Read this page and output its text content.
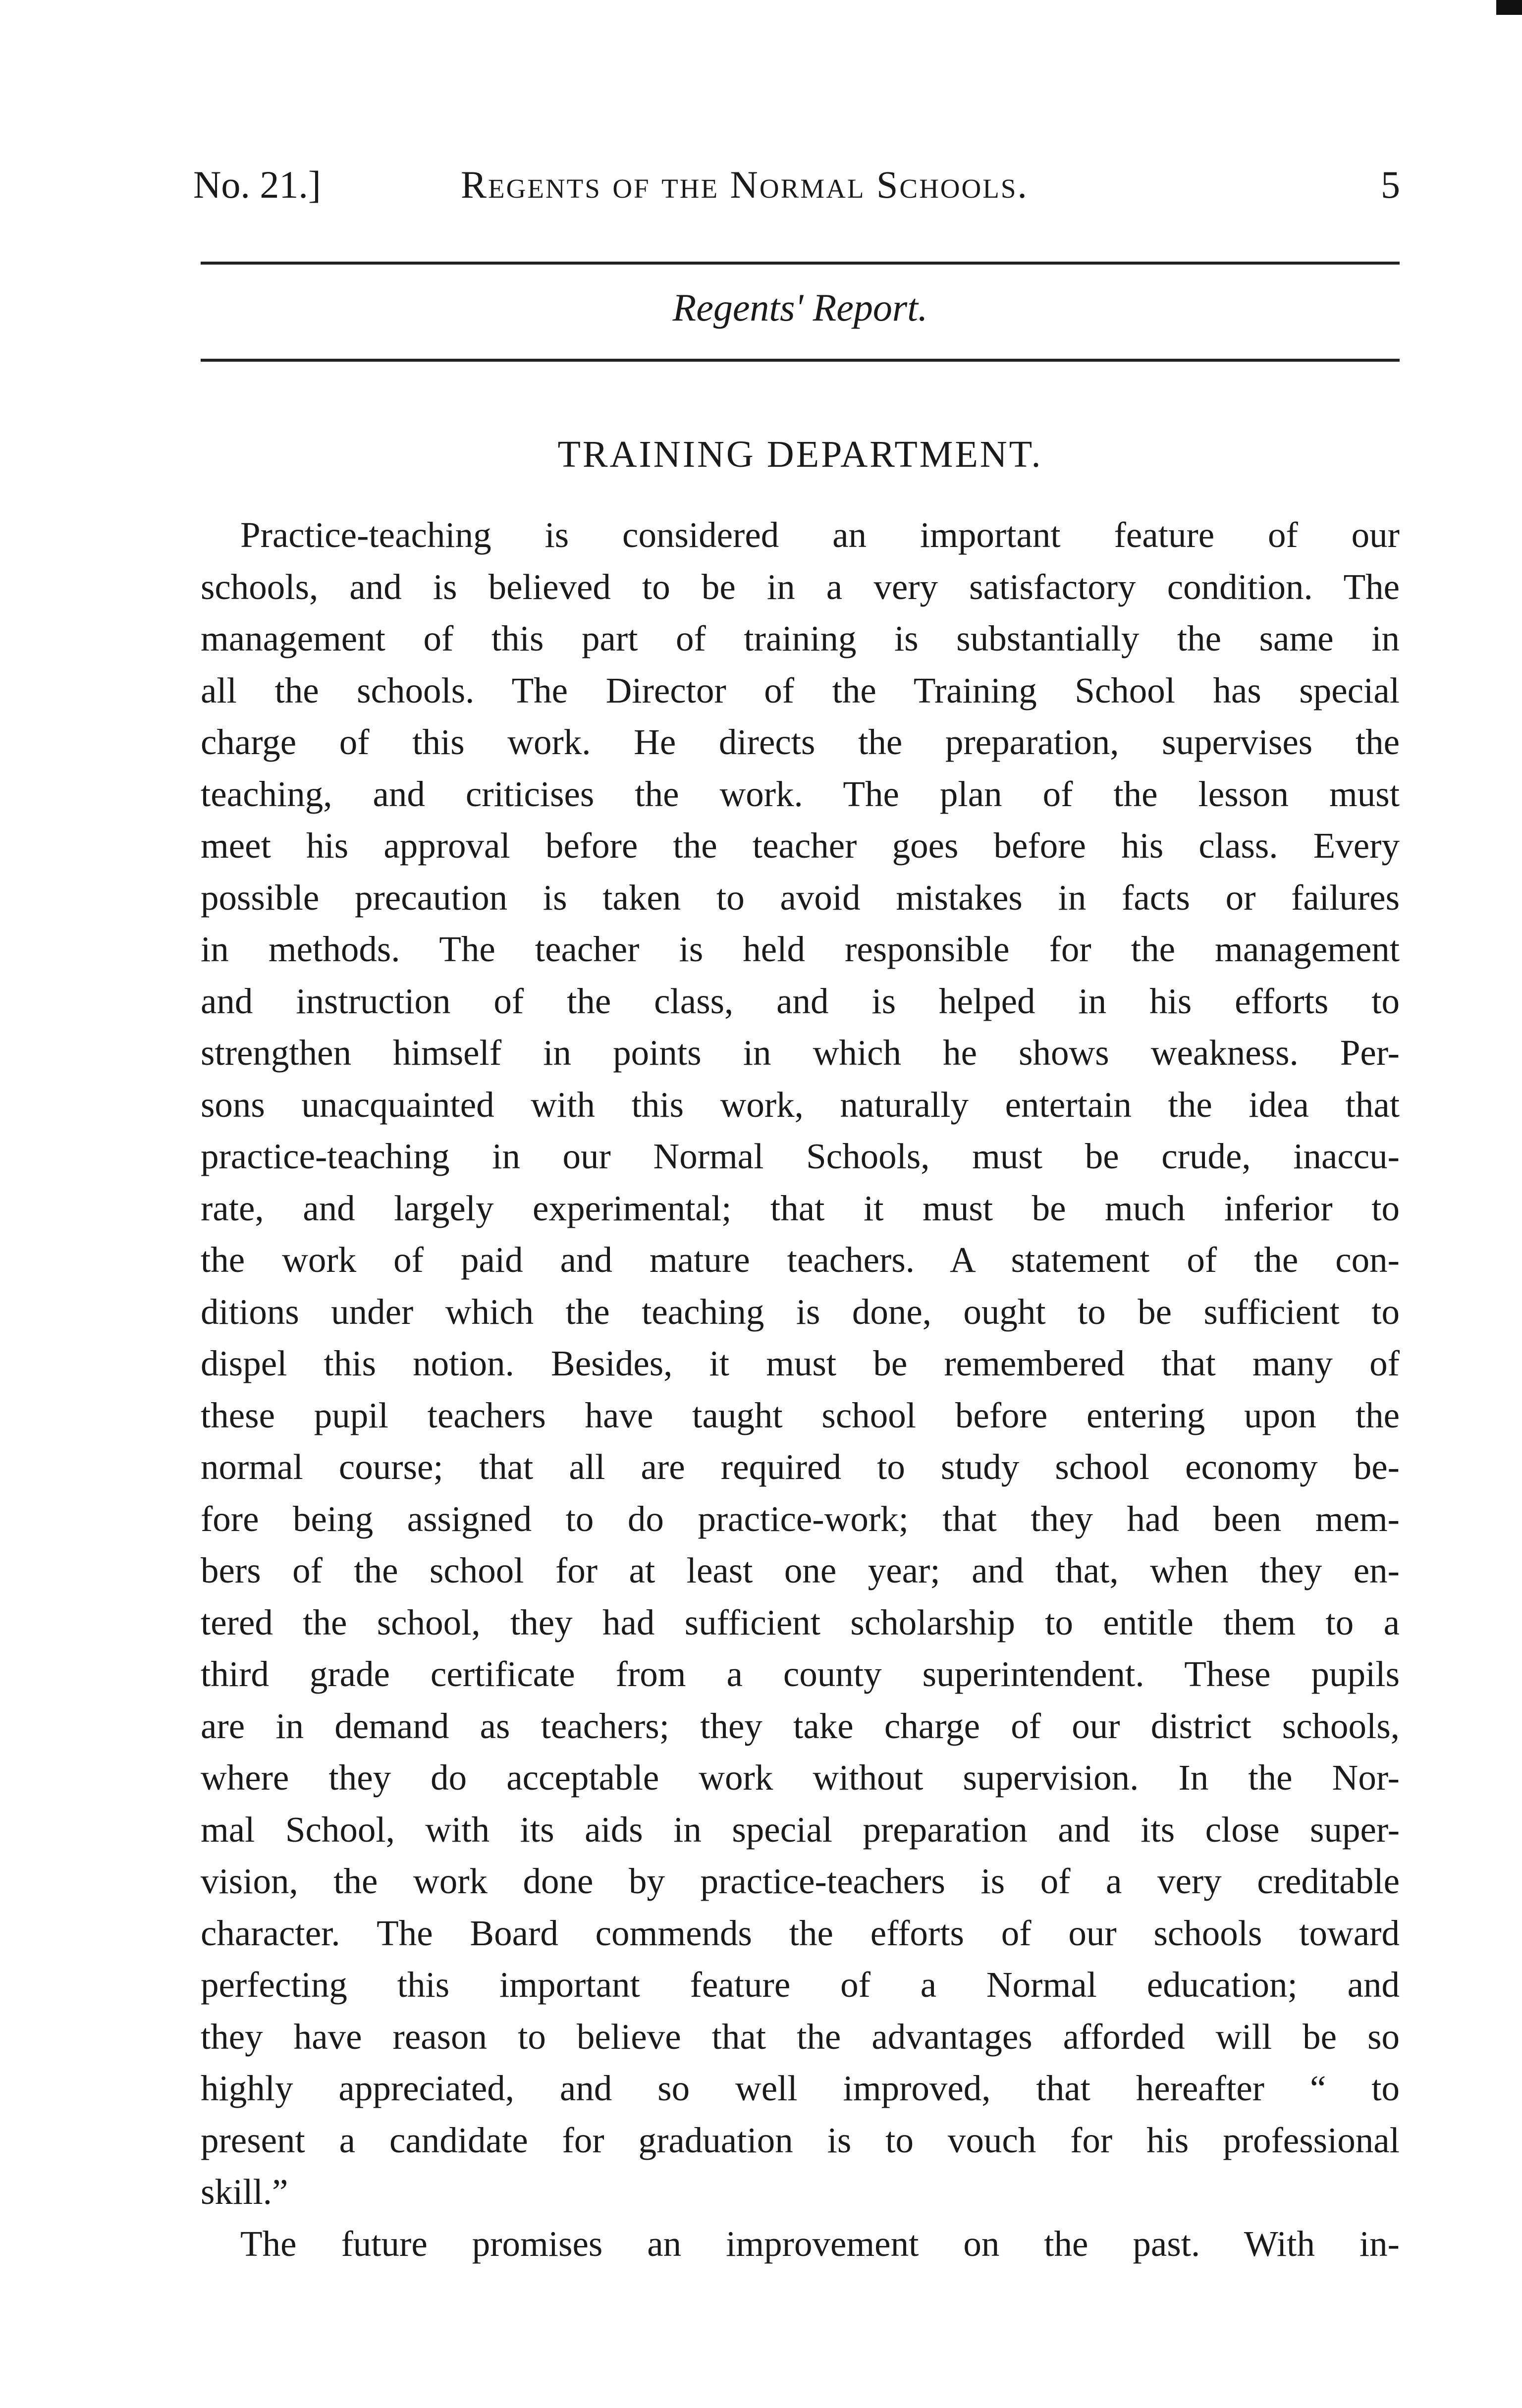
No. 21.]	Regents of the Normal Schools.	5
Regents' Report.
TRAINING DEPARTMENT.
Practice-teaching is considered an important feature of our
schools, and is believed to be in a very satisfactory condition. The
management of this part of training is substantially the same in
all the schools. The Director of the Training School has special
charge of this work. He directs the preparation, supervises the
teaching, and criticises the work. The plan of the lesson must
meet his approval before the teacher goes before his class. Every
possible precaution is taken to avoid mistakes in facts or failures
in methods. The teacher is held responsible for the management
and instruction of the class, and is helped in his efforts to
strengthen himself in points in which he shows weakness. Per-
sons unacquainted with this work, naturally entertain the idea that
practice-teaching in our Normal Schools, must be crude, inaccu-
rate, and largely experimental; that it must be much inferior to
the work of paid and mature teachers. A statement of the con-
ditions under which the teaching is done, ought to be sufficient to
dispel this notion. Besides, it must be remembered that many of
these pupil teachers have taught school before entering upon the
normal course; that all are required to study school economy be-
fore being assigned to do practice-work; that they had been mem-
bers of the school for at least one year; and that, when they en-
tered the school, they had sufficient scholarship to entitle them to a
third grade certificate from a county superintendent. These pupils
are in demand as teachers; they take charge of our district schools,
where they do acceptable work without supervision. In the Nor-
mal School, with its aids in special preparation and its close super-
vision, the work done by practice-teachers is of a very creditable
character. The Board commends the efforts of our schools toward
perfecting this important feature of a Normal education; and
they have reason to believe that the advantages afforded will be so
highly appreciated, and so well improved, that hereafter “ to
present a candidate for graduation is to vouch for his professional
skill.”
The future promises an improvement on the past. With in-
